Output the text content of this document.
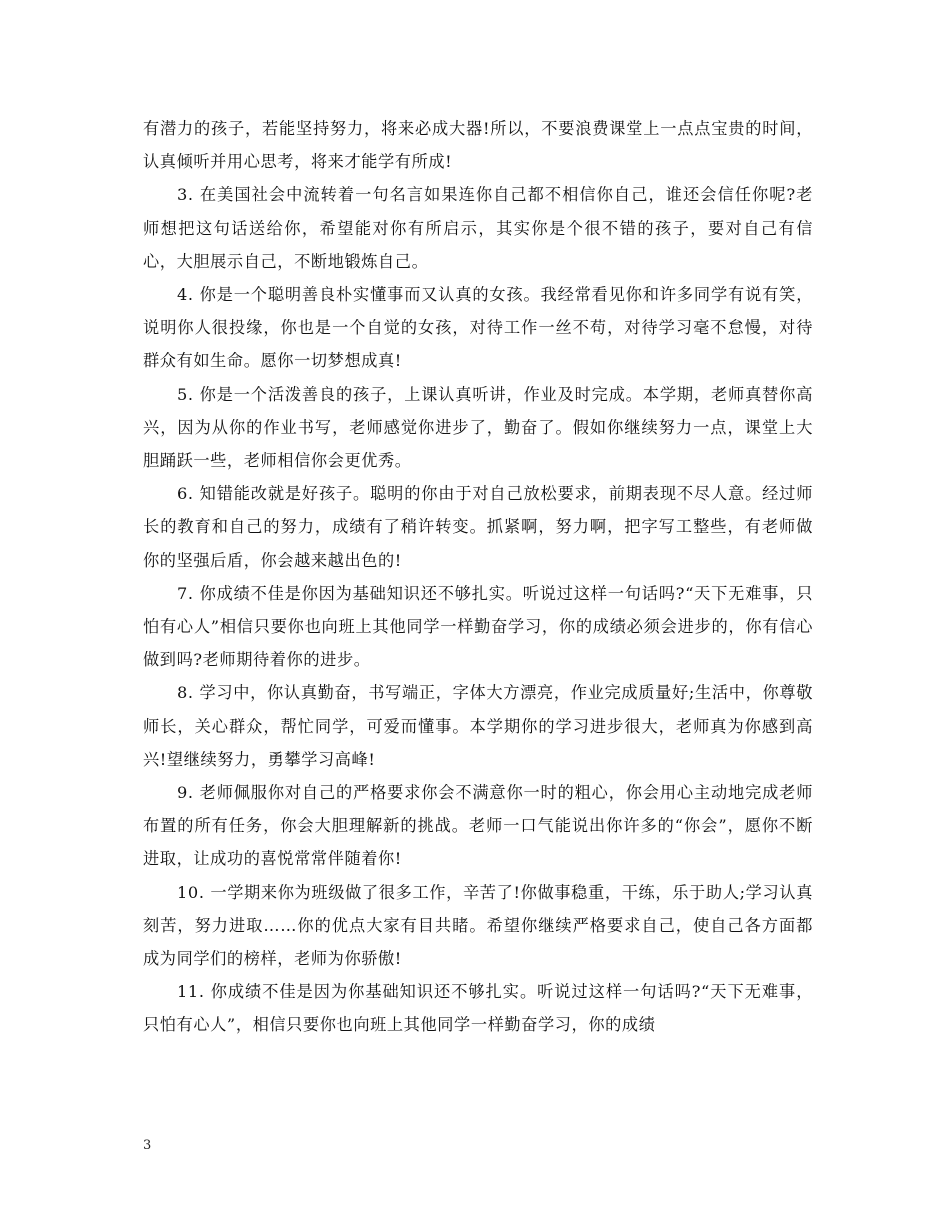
有潜力的孩子，若能坚持努力，将来必成大器!所以，不要浪费课堂上一点点宝贵的时间，认真倾听并用心思考，将来才能学有所成!

3. 在美国社会中流转着一句名言如果连你自己都不相信你自己，谁还会信任你呢?老师想把这句话送给你，希望能对你有所启示，其实你是个很不错的孩子，要对自己有信心，大胆展示自己，不断地锻炼自己。

4. 你是一个聪明善良朴实懂事而又认真的女孩。我经常看见你和许多同学有说有笑，说明你人很投缘，你也是一个自觉的女孩，对待工作一丝不苟，对待学习毫不怠慢，对待群众有如生命。愿你一切梦想成真!

5. 你是一个活泼善良的孩子，上课认真听讲，作业及时完成。本学期，老师真替你高兴，因为从你的作业书写，老师感觉你进步了，勤奋了。假如你继续努力一点，课堂上大胆踊跃一些，老师相信你会更优秀。

6. 知错能改就是好孩子。聪明的你由于对自己放松要求，前期表现不尽人意。经过师长的教育和自己的努力，成绩有了稍许转变。抓紧啊，努力啊，把字写工整些，有老师做你的坚强后盾，你会越来越出色的!

7. 你成绩不佳是你因为基础知识还不够扎实。听说过这样一句话吗?“天下无难事，只怕有心人”相信只要你也向班上其他同学一样勤奋学习，你的成绩必须会进步的，你有信心做到吗?老师期待着你的进步。

8. 学习中，你认真勤奋，书写端正，字体大方漂亮，作业完成质量好;生活中，你尊敬师长，关心群众，帮忙同学，可爱而懂事。本学期你的学习进步很大，老师真为你感到高兴!望继续努力，勇攀学习高峰!

9. 老师佩服你对自己的严格要求你会不满意你一时的粗心，你会用心主动地完成老师布置的所有任务，你会大胆理解新的挑战。老师一口气能说出你许多的“你会”，愿你不断进取，让成功的喜悦常常伴随着你!

10. 一学期来你为班级做了很多工作，辛苦了!你做事稳重，干练，乐于助人;学习认真刻苦，努力进取……你的优点大家有目共睹。希望你继续严格要求自己，使自己各方面都成为同学们的榜样，老师为你骄傲!

11. 你成绩不佳是因为你基础知识还不够扎实。听说过这样一句话吗?“天下无难事，只怕有心人”，相信只要你也向班上其他同学一样勤奋学习，你的成绩

3
